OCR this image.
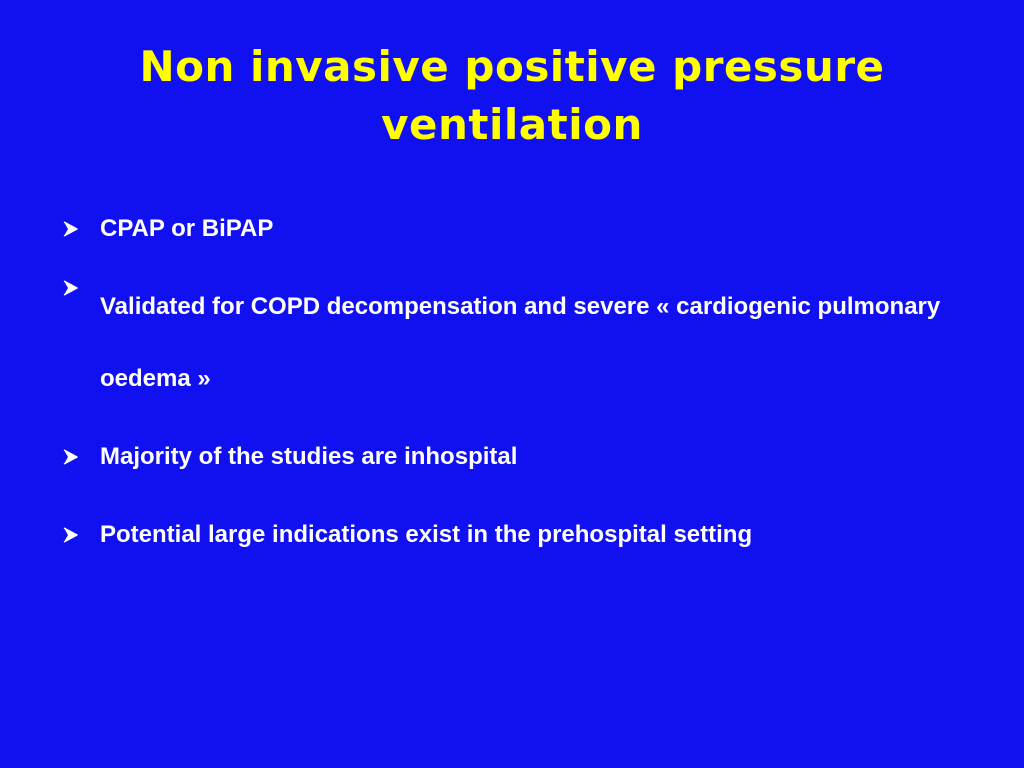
Non invasive positive pressure ventilation
CPAP or BiPAP
Validated for COPD decompensation and severe « cardiogenic pulmonary oedema »
Majority of the studies are inhospital
Potential large indications exist in the prehospital setting
